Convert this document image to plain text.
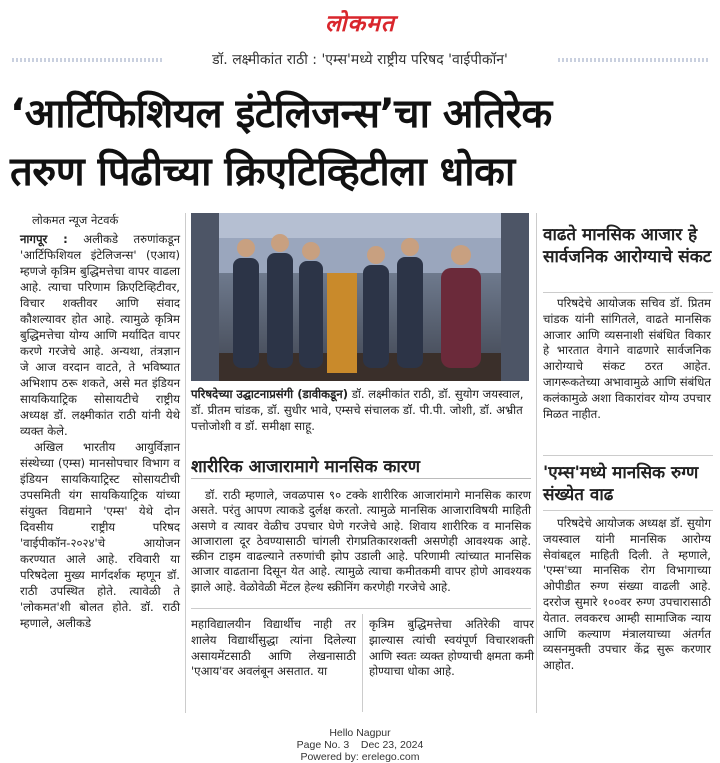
लोकमत
डॉ. लक्ष्मीकांत राठी : 'एम्स'मध्ये राष्ट्रीय परिषद 'वाईपीकॉन'
‘आर्टिफिशियल इंटेलिजन्स’चा अतिरेक
तरुण पिढीच्या क्रिएटिव्हिटीला धोका
लोकमत न्यूज नेटवर्क

नागपूर : अलीकडे तरुणांकडून 'आर्टिफिशियल इंटेलिजन्स' (एआय) म्हणजे कृत्रिम बुद्धिमत्तेचा वापर वाढला आहे. त्याचा परिणाम क्रिएटिव्हिटीवर, विचार शक्तीवर आणि संवाद कौशल्यावर होत आहे. त्यामुळे कृत्रिम बुद्धिमत्तेचा योग्य आणि मर्यादित वापर करणे गरजेचे आहे. अन्यथा, तंत्रज्ञान जे आज वरदान वाटते, ते भविष्यात अभिशाप ठरू शकते, असे मत इंडियन सायकियाट्रिक सोसायटीचे राष्ट्रीय अध्यक्ष डॉ. लक्ष्मीकांत राठी यांनी येथे व्यक्त केले.

अखिल भारतीय आयुर्विज्ञान संस्थेच्या (एम्स) मानसोपचार विभाग व इंडियन सायकियाट्रिस्ट सोसायटीची उपसमिती यंग सायकियाट्रिक यांच्या संयुक्त विद्यमाने 'एम्स' येथे दोन दिवसीय राष्ट्रीय परिषद 'वाईपीकॉन-२०२४'चे आयोजन करण्यात आले आहे. रविवारी या परिषदेला मुख्य मार्गदर्शक म्हणून डॉ. राठी उपस्थित होते. त्यावेळी ते 'लोकमत'शी बोलत होते. डॉ. राठी म्हणाले, अलीकडे

परिषदेच्या उद्घाटनाप्रसंगी (डावीकडून) डॉ. लक्ष्मीकांत राठी, डॉ. सुयोग जयस्वाल, डॉ. प्रीतम चांडक, डॉ. सुधीर भावे, एम्सचे संचालक डॉ. पी.पी. जोशी, डॉ. अभ्रीत पत्तोजोशी व डॉ. समीक्षा साहू.
शारीरिक आजारामागे मानसिक कारण

डॉ. राठी म्हणाले, जवळपास ९० टक्के शारीरिक आजारांमागे मानसिक कारण असते. परंतु आपण त्याकडे दुर्लक्ष करतो. त्यामुळे मानसिक आजाराविषयी माहिती असणे व त्यावर वेळीच उपचार घेणे गरजेचे आहे. शिवाय शारीरिक व मानसिक आजाराला दूर ठेवण्यासाठी चांगली रोगप्रतिकारशक्ती असणेही आवश्यक आहे. स्क्रीन टाइम वाढल्याने तरुणांची झोप उडाली आहे. परिणामी त्यांच्यात मानसिक आजार वाढताना दिसून येत आहे. त्यामुळे त्याचा कमीतकमी वापर होणे आवश्यक झाले आहे. वेळोवेळी मेंटल हेल्थ स्क्रीनिंग करणेही गरजेचे आहे.

महाविद्यालयीन विद्यार्थीच नाही तर शालेय विद्यार्थीसुद्धा त्यांना दिलेल्या असायमेंटसाठी आणि लेखनासाठी 'एआय'वर अवलंबून असतात. या
कृत्रिम बुद्धिमत्तेचा अतिरेकी वापर झाल्यास त्यांची स्वयंपूर्ण विचारशक्ती आणि स्वतः व्यक्त होण्याची क्षमता कमी होण्याचा धोका आहे.
वाढते मानसिक आजार हे सार्वजनिक आरोग्याचे संकट

परिषदेचे आयोजक सचिव डॉ. प्रितम चांडक यांनी सांगितले, वाढते मानसिक आजार आणि व्यसनाशी संबंधित विकार हे भारतात वेगाने वाढणारे सार्वजनिक आरोग्याचे संकट ठरत आहेत. जागरूकतेच्या अभावामुळे आणि संबंधित कलंकामुळे अशा विकारांवर योग्य उपचार मिळत नाहीत.

'एम्स'मध्ये मानसिक रुग्ण संख्येत वाढ

परिषदेचे आयोजक अध्यक्ष डॉ. सुयोग जयस्वाल यांनी मानसिक आरोग्य सेवांबद्दल माहिती दिली. ते म्हणाले, 'एम्स'च्या मानसिक रोग विभागाच्या ओपीडीत रुग्ण संख्या वाढली आहे. दररोज सुमारे १००वर रुग्ण उपचारासाठी येतात. लवकरच आम्ही सामाजिक न्याय आणि कल्याण मंत्रालयाच्या अंतर्गत व्यसनमुक्ती उपचार केंद्र सुरू करणार आहोत.

Hello Nagpur
Page No. 3 Dec 23, 2024
Powered by: erelego.com
